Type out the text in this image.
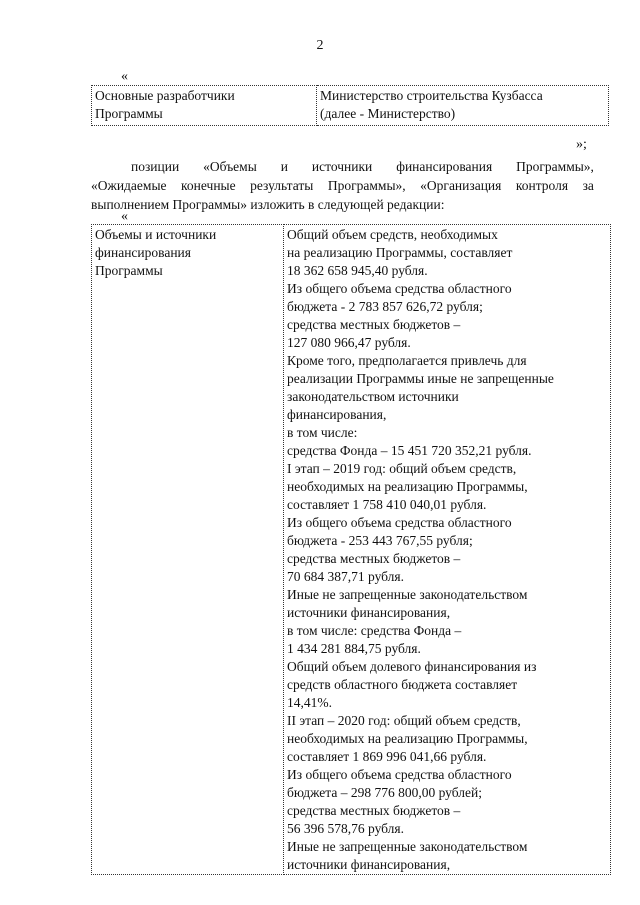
2
«
Основные разработчики
Программы

Министерство строительства Кузбасса
(далее - Министерство)
»;
позиции «Объемы и источники финансирования Программы»,
«Ожидаемые конечные результаты Программы», «Организация контроля за
выполнением Программы» изложить в следующей редакции:
«
Объемы и источники
финансирования
Программы

Общий объем средств, необходимых
на реализацию Программы, составляет
18 362 658 945,40 рубля.
Из общего объема средства областного
бюджета - 2 783 857 626,72 рубля;
средства местных бюджетов –
127 080 966,47 рубля.
Кроме того, предполагается привлечь для
реализации Программы иные не запрещенные
законодательством источники
финансирования,
в том числе:
средства Фонда – 15 451 720 352,21 рубля.
I этап – 2019 год: общий объем средств,
необходимых на реализацию Программы,
составляет 1 758 410 040,01 рубля.
Из общего объема средства областного
бюджета - 253 443 767,55 рубля;
средства местных бюджетов –
70 684 387,71 рубля.
Иные не запрещенные законодательством
источники финансирования,
в том числе: средства Фонда –
1 434 281 884,75 рубля.
Общий объем долевого финансирования из
средств областного бюджета составляет
14,41%.
II этап – 2020 год: общий объем средств,
необходимых на реализацию Программы,
составляет 1 869 996 041,66 рубля.
Из общего объема средства областного
бюджета – 298 776 800,00 рублей;
средства местных бюджетов –
56 396 578,76 рубля.
Иные не запрещенные законодательством
источники финансирования,
